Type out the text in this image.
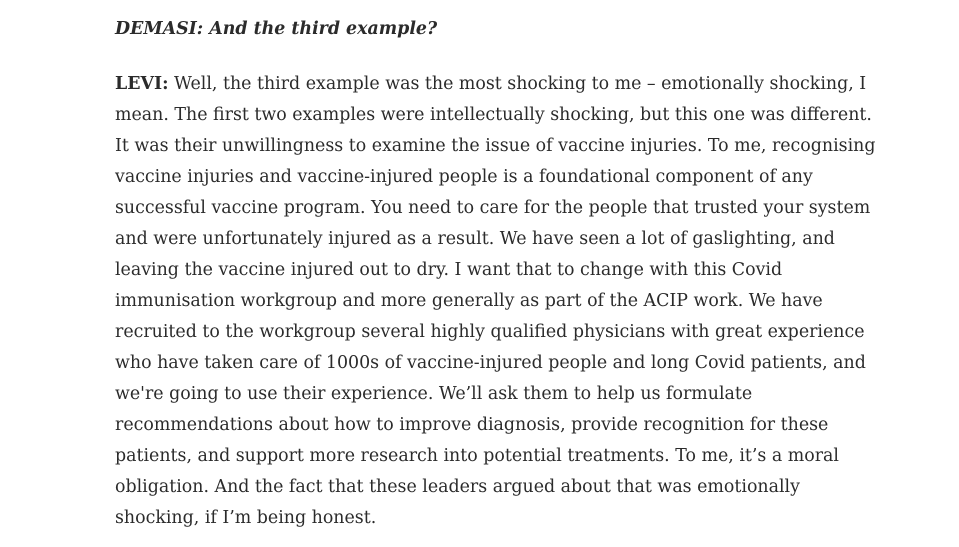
DEMASI: And the third example?

LEVI: Well, the third example was the most shocking to me – emotionally shocking, I
mean. The first two examples were intellectually shocking, but this one was different.
It was their unwillingness to examine the issue of vaccine injuries. To me, recognising
vaccine injuries and vaccine-injured people is a foundational component of any
successful vaccine program. You need to care for the people that trusted your system
and were unfortunately injured as a result. We have seen a lot of gaslighting, and
leaving the vaccine injured out to dry. I want that to change with this Covid
immunisation workgroup and more generally as part of the ACIP work. We have
recruited to the workgroup several highly qualified physicians with great experience
who have taken care of 1000s of vaccine-injured people and long Covid patients, and
we're going to use their experience. We’ll ask them to help us formulate
recommendations about how to improve diagnosis, provide recognition for these
patients, and support more research into potential treatments. To me, it’s a moral
obligation. And the fact that these leaders argued about that was emotionally
shocking, if I’m being honest.
